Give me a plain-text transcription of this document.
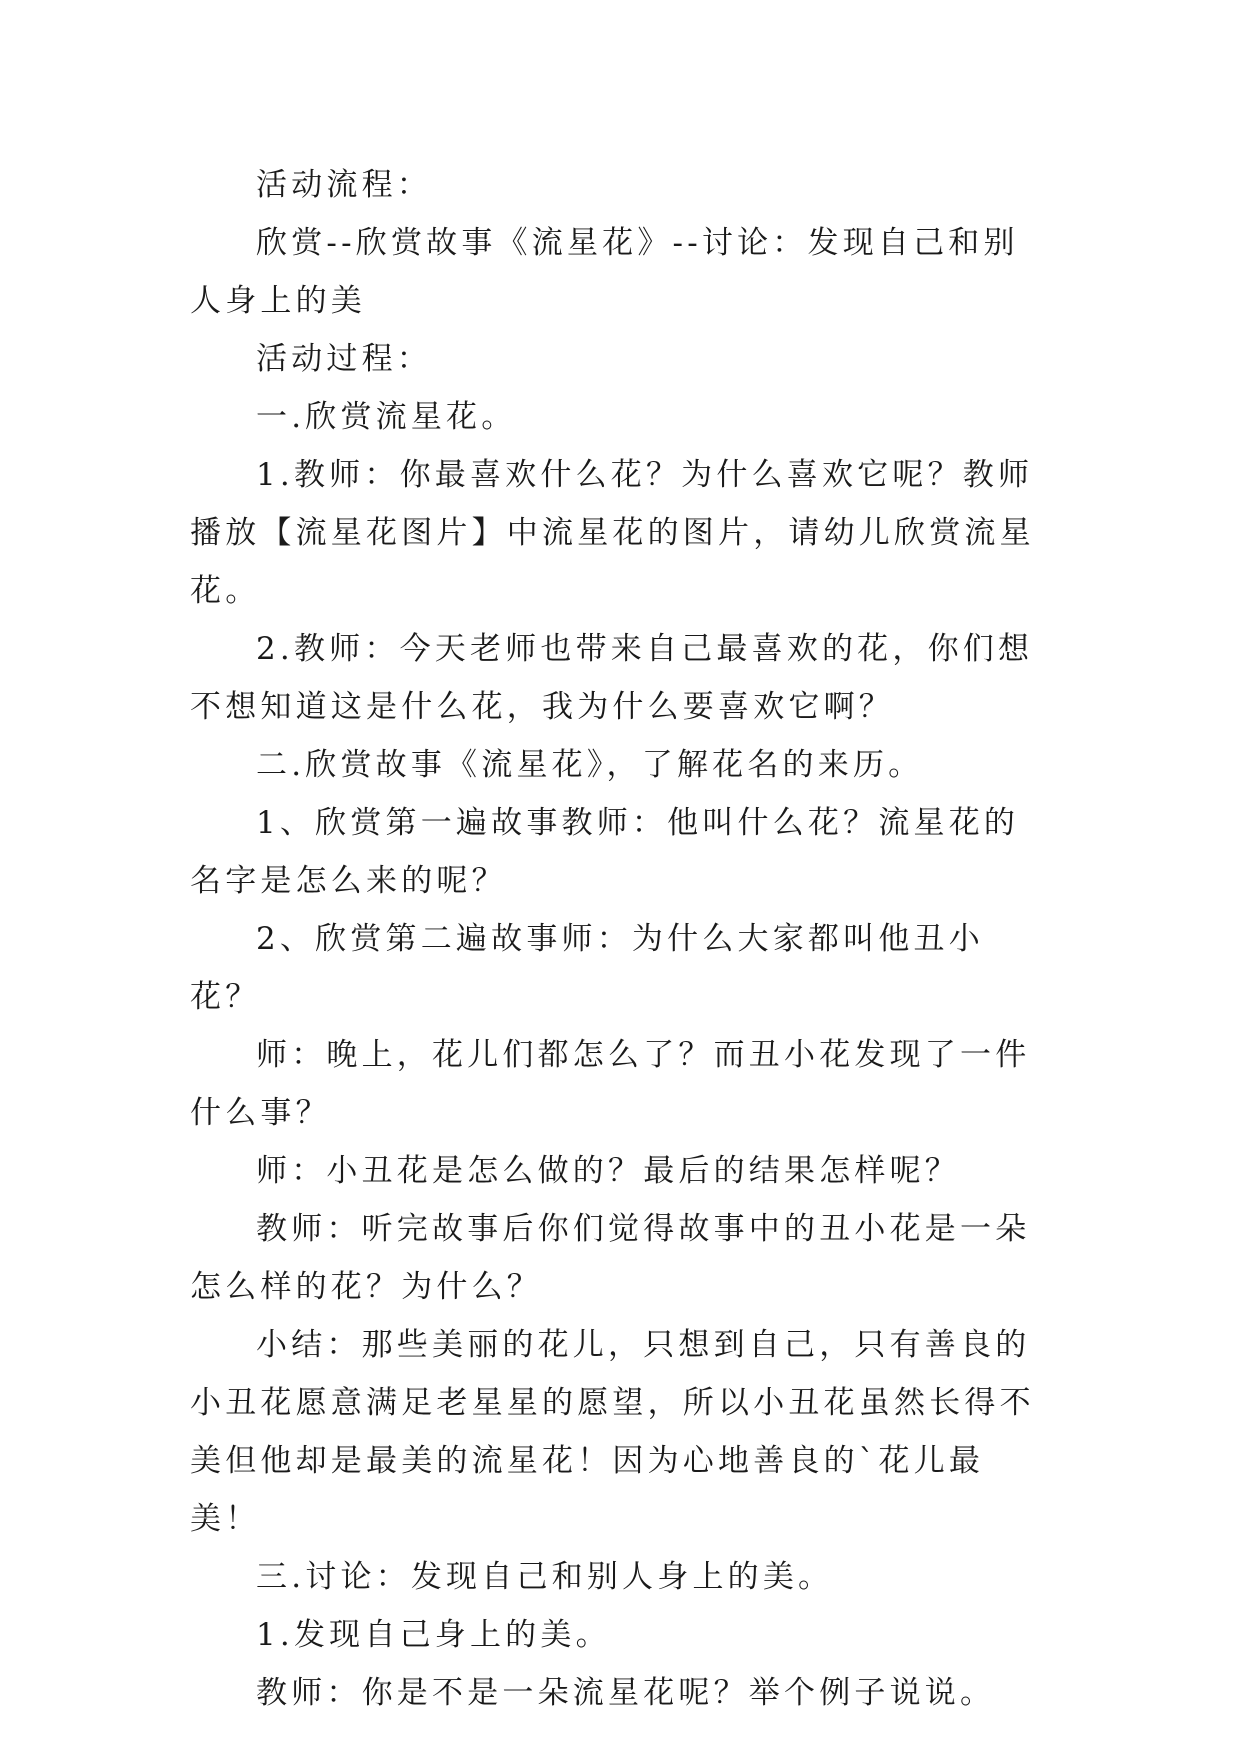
活动流程：

欣赏--欣赏故事《流星花》--讨论：发现自己和别人身上的美

活动过程：

一.欣赏流星花。

1.教师：你最喜欢什么花？为什么喜欢它呢？教师播放【流星花图片】中流星花的图片，请幼儿欣赏流星花。

2.教师：今天老师也带来自己最喜欢的花，你们想不想知道这是什么花，我为什么要喜欢它啊？

二.欣赏故事《流星花》，了解花名的来历。

1、欣赏第一遍故事教师：他叫什么花？流星花的名字是怎么来的呢？

2、欣赏第二遍故事师：为什么大家都叫他丑小花？

师：晚上，花儿们都怎么了？而丑小花发现了一件什么事？

师：小丑花是怎么做的？最后的结果怎样呢？

教师：听完故事后你们觉得故事中的丑小花是一朵怎么样的花？为什么？

小结：那些美丽的花儿，只想到自己，只有善良的小丑花愿意满足老星星的愿望，所以小丑花虽然长得不美但他却是最美的流星花！因为心地善良的`花儿最美！

三.讨论：发现自己和别人身上的美。

1.发现自己身上的美。

教师：你是不是一朵流星花呢？举个例子说说。
